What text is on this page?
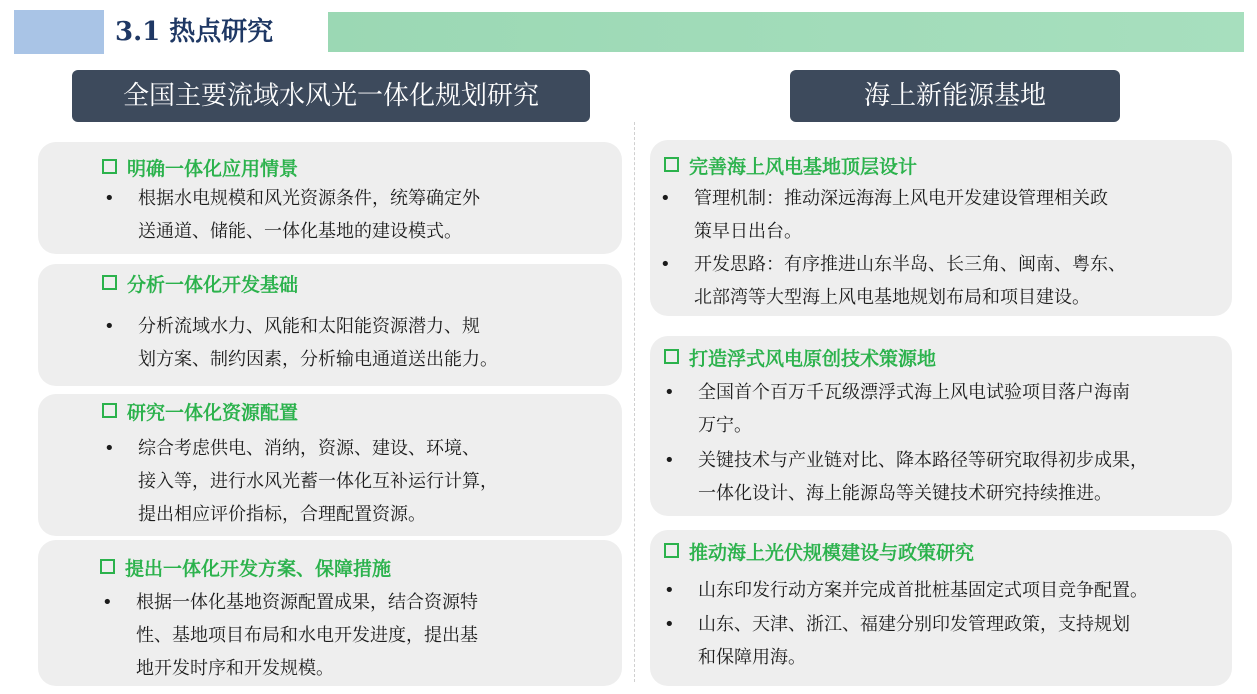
3.1 热点研究
全国主要流域水风光一体化规划研究	海上新能源基地
明确一体化应用情景
• 根据水电规模和风光资源条件，统筹确定外
送通道、储能、一体化基地的建设模式。
分析一体化开发基础
• 分析流域水力、风能和太阳能资源潜力、规
划方案、制约因素，分析输电通道送出能力。
研究一体化资源配置
• 综合考虑供电、消纳，资源、建设、环境、
接入等，进行水风光蓄一体化互补运行计算，
提出相应评价指标，合理配置资源。
提出一体化开发方案、保障措施
• 根据一体化基地资源配置成果，结合资源特
性、基地项目布局和水电开发进度，提出基
地开发时序和开发规模。
完善海上风电基地顶层设计
• 管理机制：推动深远海海上风电开发建设管理相关政
策早日出台。
• 开发思路：有序推进山东半岛、长三角、闽南、粤东、
北部湾等大型海上风电基地规划布局和项目建设。
打造浮式风电原创技术策源地
• 全国首个百万千瓦级漂浮式海上风电试验项目落户海南
万宁。
• 关键技术与产业链对比、降本路径等研究取得初步成果，
一体化设计、海上能源岛等关键技术研究持续推进。
推动海上光伏规模建设与政策研究
• 山东印发行动方案并完成首批桩基固定式项目竞争配置。
• 山东、天津、浙江、福建分别印发管理政策，支持规划
和保障用海。
